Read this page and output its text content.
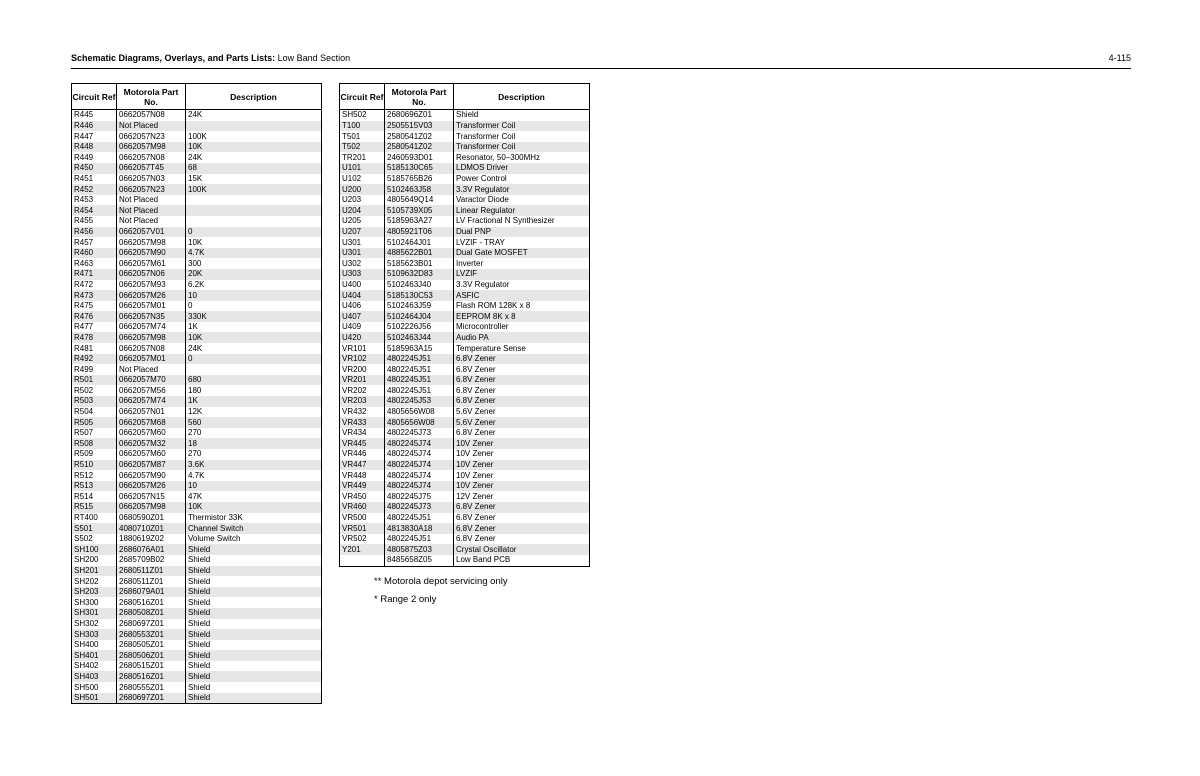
Schematic Diagrams, Overlays, and Parts Lists: Low Band Section	4-115
Circuit Ref	Motorola Part No.	Description
R445	0662057N08	24K
R446	Not Placed	
R447	0662057N23	100K
R448	0662057M98	10K
R449	0662057N08	24K
R450	0662057T45	68
R451	0662057N03	15K
R452	0662057N23	100K
R453	Not Placed	
R454	Not Placed	
R455	Not Placed	
R456	0662057V01	0
R457	0662057M98	10K
R460	0662057M90	4.7K
R463	0662057M61	300
R471	0662057N06	20K
R472	0662057M93	6.2K
R473	0662057M26	10
R475	0662057M01	0
R476	0662057N35	330K
R477	0662057M74	1K
R478	0662057M98	10K
R481	0662057N08	24K
R492	0662057M01	0
R499	Not Placed	
R501	0662057M70	680
R502	0662057M56	180
R503	0662057M74	1K
R504	0662057N01	12K
R505	0662057M68	560
R507	0662057M60	270
R508	0662057M32	18
R509	0662057M60	270
R510	0662057M87	3.6K
R512	0662057M90	4.7K
R513	0662057M26	10
R514	0662057N15	47K
R515	0662057M98	10K
RT400	0680590Z01	Thermistor 33K
S501	4080710Z01	Channel Switch
S502	1880619Z02	Volume Switch
SH100	2686076A01	Shield
SH200	2685709B02	Shield
SH201	2680511Z01	Shield
SH202	2680511Z01	Shield
SH203	2686079A01	Shield
SH300	2680516Z01	Shield
SH301	2680508Z01	Shield
SH302	2680697Z01	Shield
SH303	2680553Z01	Shield
SH400	2680505Z01	Shield
SH401	2680506Z01	Shield
SH402	2680515Z01	Shield
SH403	2680516Z01	Shield
SH500	2680555Z01	Shield
SH501	2680697Z01	Shield
Circuit Ref	Motorola Part No.	Description
SH502	2680696Z01	Shield
T100	2505515V03	Transformer Coil
T501	2580541Z02	Transformer Coil
T502	2580541Z02	Transformer Coil
TR201	2460593D01	Resonator, 50–300MHz
U101	5185130C65	LDMOS Driver
U102	5185765B26	Power Control
U200	5102463J58	3.3V Regulator
U203	4805649Q14	Varactor Diode
U204	5105739X05	Linear Regulator
U205	5185963A27	LV Fractional N Synthesizer
U207	4805921T06	Dual PNP
U301	5102464J01	LVZIF - TRAY
U301	4885622B01	Dual Gate MOSFET
U302	5185623B01	Inverter
U303	5109632D83	LVZIF
U400	5102463J40	3.3V Regulator
U404	5185130C53	ASFIC
U406	5102463J59	Flash ROM 128K x 8
U407	5102464J04	EEPROM 8K x 8
U409	5102226J56	Microcontroller
U420	5102463J44	Audio PA
VR101	5185963A15	Temperature Sense
VR102	4802245J51	6.8V Zener
VR200	4802245J51	6.8V Zener
VR201	4802245J51	6.8V Zener
VR202	4802245J51	6.8V Zener
VR203	4802245J53	6.8V Zener
VR432	4805656W08	5.6V Zener
VR433	4805656W08	5.6V Zener
VR434	4802245J73	6.8V Zener
VR445	4802245J74	10V Zener
VR446	4802245J74	10V Zener
VR447	4802245J74	10V Zener
VR448	4802245J74	10V Zener
VR449	4802245J74	10V Zener
VR450	4802245J75	12V Zener
VR460	4802245J73	6.8V Zener
VR500	4802245J51	6.8V Zener
VR501	4813830A18	6.8V Zener
VR502	4802245J51	6.8V Zener
Y201	4805875Z03	Crystal Oscillator
	8485658Z05	Low Band PCB
** Motorola depot servicing only
* Range 2 only
